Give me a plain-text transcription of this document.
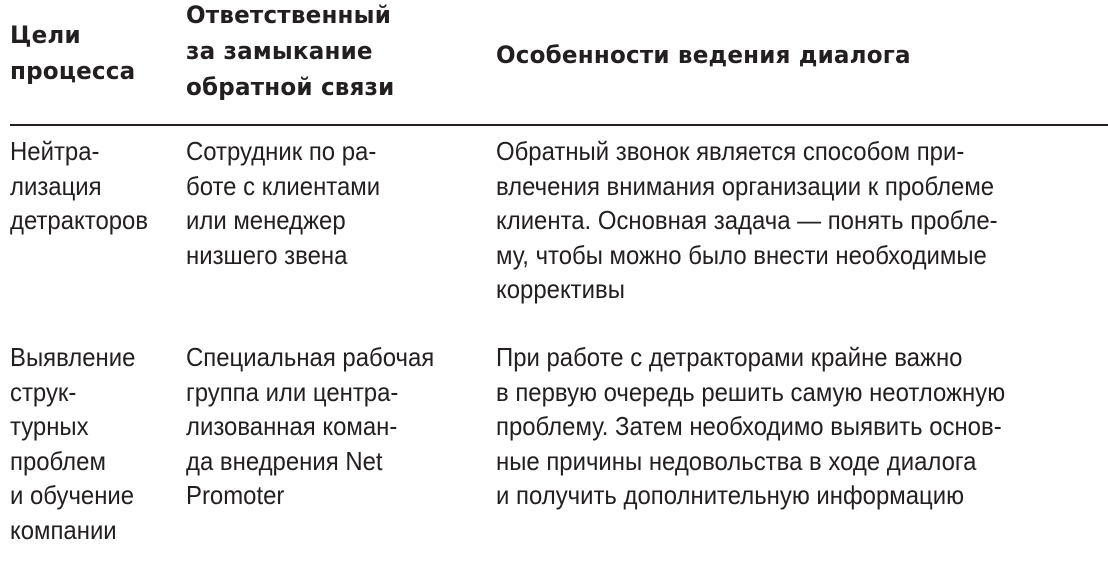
Цели
процесса
Ответственный
за замыкание
обратной связи
Особенности ведения диалога
Нейтра-
лизация
детракторов
Сотрудник по ра-
боте с клиентами
или менеджер
низшего звена
Обратный звонок является способом при-
влечения внимания организации к проблеме
клиента. Основная задача — понять пробле-
му, чтобы можно было внести необходимые
коррективы
Выявление
струк-
турных
проблем
и обучение
компании
Специальная рабочая
группа или центра-
лизованная коман-
да внедрения Net
Promoter
При работе с детракторами крайне важно
в первую очередь решить самую неотложную
проблему. Затем необходимо выявить основ-
ные причины недовольства в ходе диалога
и получить дополнительную информацию
